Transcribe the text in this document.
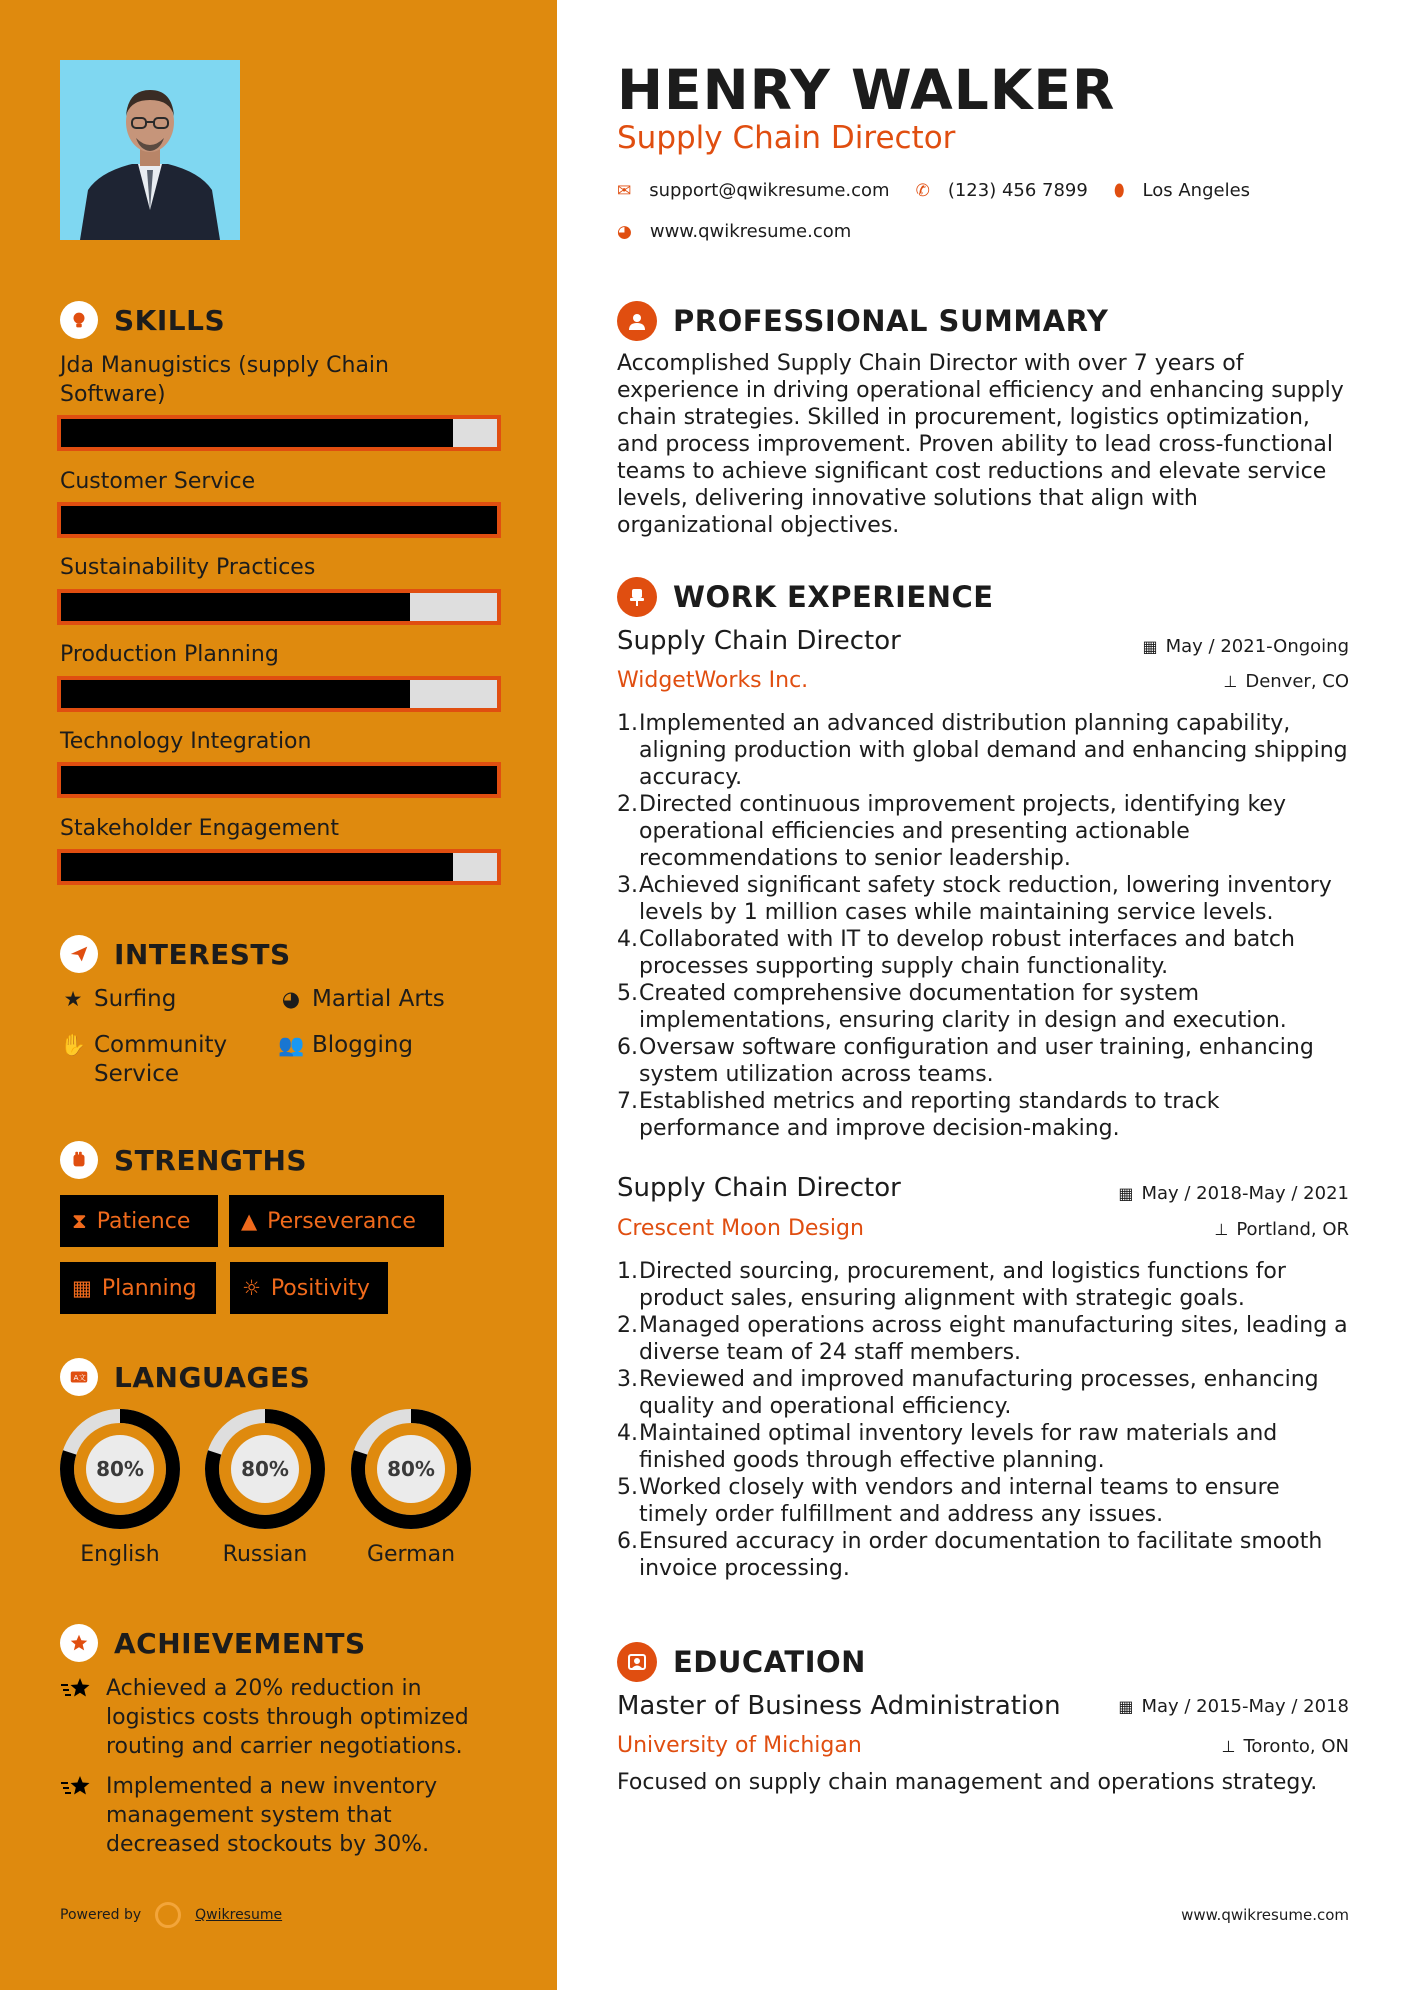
SKILLS
Jda Manugistics (supply Chain Software)
Customer Service
Sustainability Practices
Production Planning
Technology Integration
Stakeholder Engagement
INTERESTS
★ Surfing	◕ Martial Arts
✋ Community Service
👥 Blogging
STRENGTHS
⧗ Patience ▲ Perseverance
▦ Planning ☼ Positivity
A文 LANGUAGES
80%
English
80%
Russian
80%
German
ACHIEVEMENTS
Achieved a 20% reduction in logistics costs through optimized routing and carrier negotiations.
Implemented a new inventory management system that decreased stockouts by 30%.
Powered by	Qwikresume
HENRY WALKER
Supply Chain Director
✉ support@qwikresume.com ✆ (123) 456 7899 ⬮ Los Angeles
◕ www.qwikresume.com
PROFESSIONAL SUMMARY
Accomplished Supply Chain Director with over 7 years of experience in driving operational efficiency and enhancing supply chain strategies. Skilled in procurement, logistics optimization, and process improvement. Proven ability to lead cross-functional teams to achieve significant cost reductions and elevate service levels, delivering innovative solutions that align with organizational objectives.
WORK EXPERIENCE
Supply Chain Director	▦ May / 2021-Ongoing
WidgetWorks Inc.	⊥ Denver, CO
1. Implemented an advanced distribution planning capability, aligning production with global demand and enhancing shipping accuracy.
2. Directed continuous improvement projects, identifying key operational efficiencies and presenting actionable recommendations to senior leadership.
3. Achieved significant safety stock reduction, lowering inventory levels by 1 million cases while maintaining service levels.
4. Collaborated with IT to develop robust interfaces and batch processes supporting supply chain functionality.
5. Created comprehensive documentation for system implementations, ensuring clarity in design and execution.
6. Oversaw software configuration and user training, enhancing system utilization across teams.
7. Established metrics and reporting standards to track performance and improve decision-making.
Supply Chain Director	▦ May / 2018-May / 2021
Crescent Moon Design	⊥ Portland, OR
1. Directed sourcing, procurement, and logistics functions for product sales, ensuring alignment with strategic goals.
2. Managed operations across eight manufacturing sites, leading a diverse team of 24 staff members.
3. Reviewed and improved manufacturing processes, enhancing quality and operational efficiency.
4. Maintained optimal inventory levels for raw materials and finished goods through effective planning.
5. Worked closely with vendors and internal teams to ensure timely order fulfillment and address any issues.
6. Ensured accuracy in order documentation to facilitate smooth invoice processing.
EDUCATION
Master of Business Administration	▦ May / 2015-May / 2018
University of Michigan	⊥ Toronto, ON
Focused on supply chain management and operations strategy.
www.qwikresume.com
